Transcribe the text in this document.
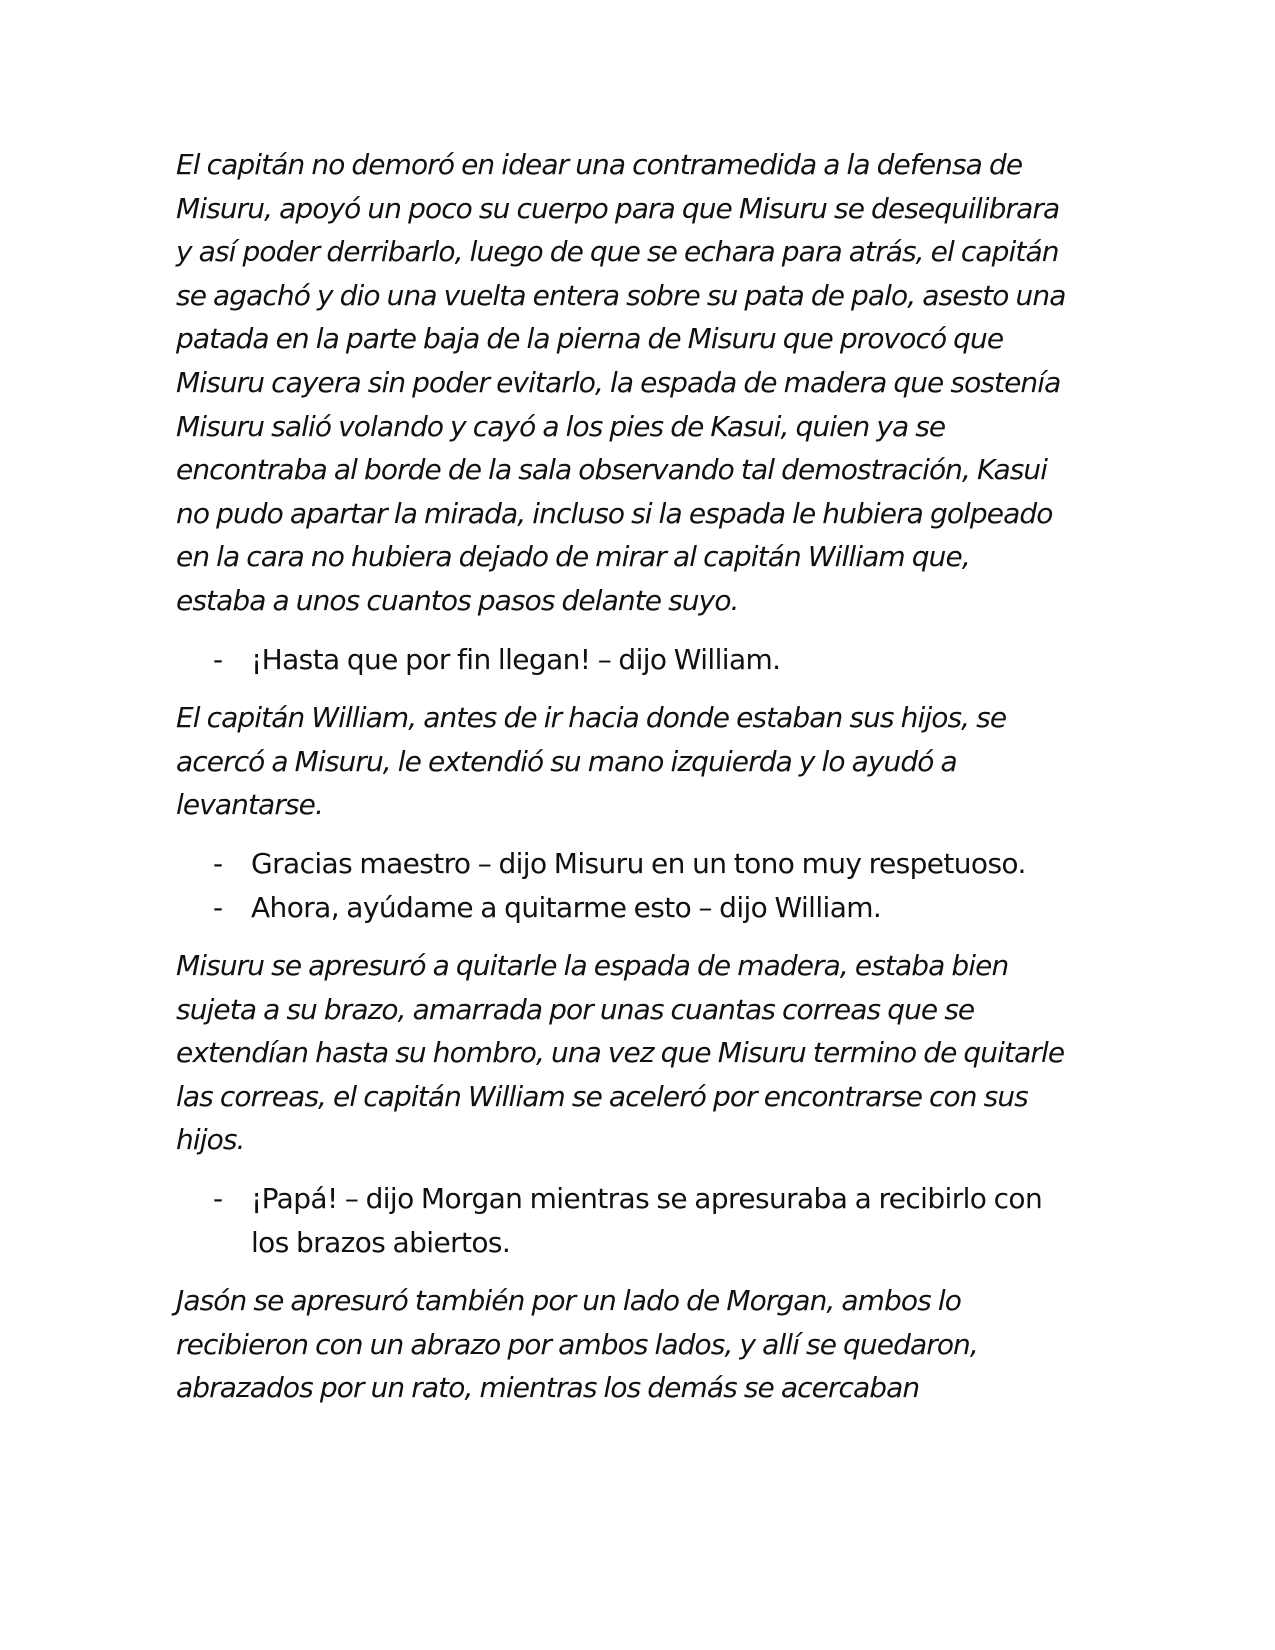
El capitán no demoró en idear una contramedida a la defensa de
Misuru, apoyó un poco su cuerpo para que Misuru se desequilibrara
y así poder derribarlo, luego de que se echara para atrás, el capitán
se agachó y dio una vuelta entera sobre su pata de palo, asesto una
patada en la parte baja de la pierna de Misuru que provocó que
Misuru cayera sin poder evitarlo, la espada de madera que sostenía
Misuru salió volando y cayó a los pies de Kasui, quien ya se
encontraba al borde de la sala observando tal demostración, Kasui
no pudo apartar la mirada, incluso si la espada le hubiera golpeado
en la cara no hubiera dejado de mirar al capitán William que,
estaba a unos cuantos pasos delante suyo.

- ¡Hasta que por fin llegan! – dijo William.

El capitán William, antes de ir hacia donde estaban sus hijos, se
acercó a Misuru, le extendió su mano izquierda y lo ayudó a
levantarse.

- Gracias maestro – dijo Misuru en un tono muy respetuoso.
- Ahora, ayúdame a quitarme esto – dijo William.

Misuru se apresuró a quitarle la espada de madera, estaba bien
sujeta a su brazo, amarrada por unas cuantas correas que se
extendían hasta su hombro, una vez que Misuru termino de quitarle
las correas, el capitán William se aceleró por encontrarse con sus
hijos.

- ¡Papá! – dijo Morgan mientras se apresuraba a recibirlo con
los brazos abiertos.

Jasón se apresuró también por un lado de Morgan, ambos lo
recibieron con un abrazo por ambos lados, y allí se quedaron,
abrazados por un rato, mientras los demás se acercaban
